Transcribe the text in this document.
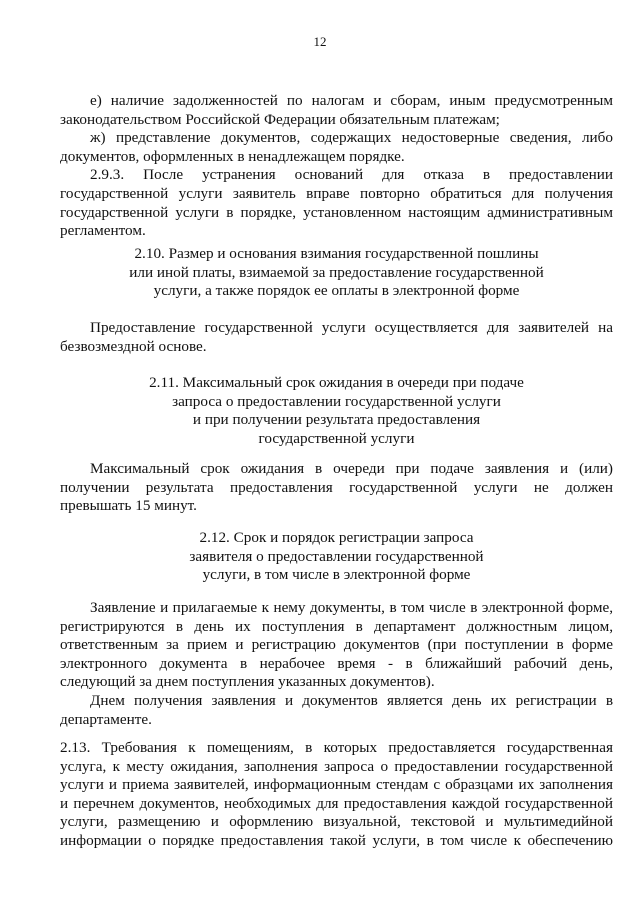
12
е) наличие задолженностей по налогам и сборам, иным предусмотренным
законодательством Российской Федерации обязательным платежам;
ж) представление документов, содержащих недостоверные сведения, либо
документов, оформленных в ненадлежащем порядке.
2.9.3. После устранения оснований для отказа в предоставлении
государственной услуги заявитель вправе повторно обратиться для получения
государственной услуги в порядке, установленном настоящим административным
регламентом.
2.10. Размер и основания взимания государственной пошлины
или иной платы, взимаемой за предоставление государственной
услуги, а также порядок ее оплаты в электронной форме
Предоставление государственной услуги осуществляется для заявителей на
безвозмездной основе.
2.11. Максимальный срок ожидания в очереди при подаче
запроса о предоставлении государственной услуги
и при получении результата предоставления
государственной услуги
Максимальный срок ожидания в очереди при подаче заявления и (или)
получении результата предоставления государственной услуги не должен
превышать 15 минут.
2.12. Срок и порядок регистрации запроса
заявителя о предоставлении государственной
услуги, в том числе в электронной форме
Заявление и прилагаемые к нему документы, в том числе в электронной форме,
регистрируются в день их поступления в департамент должностным лицом,
ответственным за прием и регистрацию документов (при поступлении в форме
электронного документа в нерабочее время - в ближайший рабочий день,
следующий за днем поступления указанных документов).
Днем получения заявления и документов является день их регистрации в
департаменте.
2.13. Требования к помещениям, в которых предоставляется государственная
услуга, к месту ожидания, заполнения запроса о предоставлении государственной
услуги и приема заявителей, информационным стендам с образцами их заполнения
и перечнем документов, необходимых для предоставления каждой государственной
услуги, размещению и оформлению визуальной, текстовой и мультимедийной
информации о порядке предоставления такой услуги, в том числе к обеспечению
